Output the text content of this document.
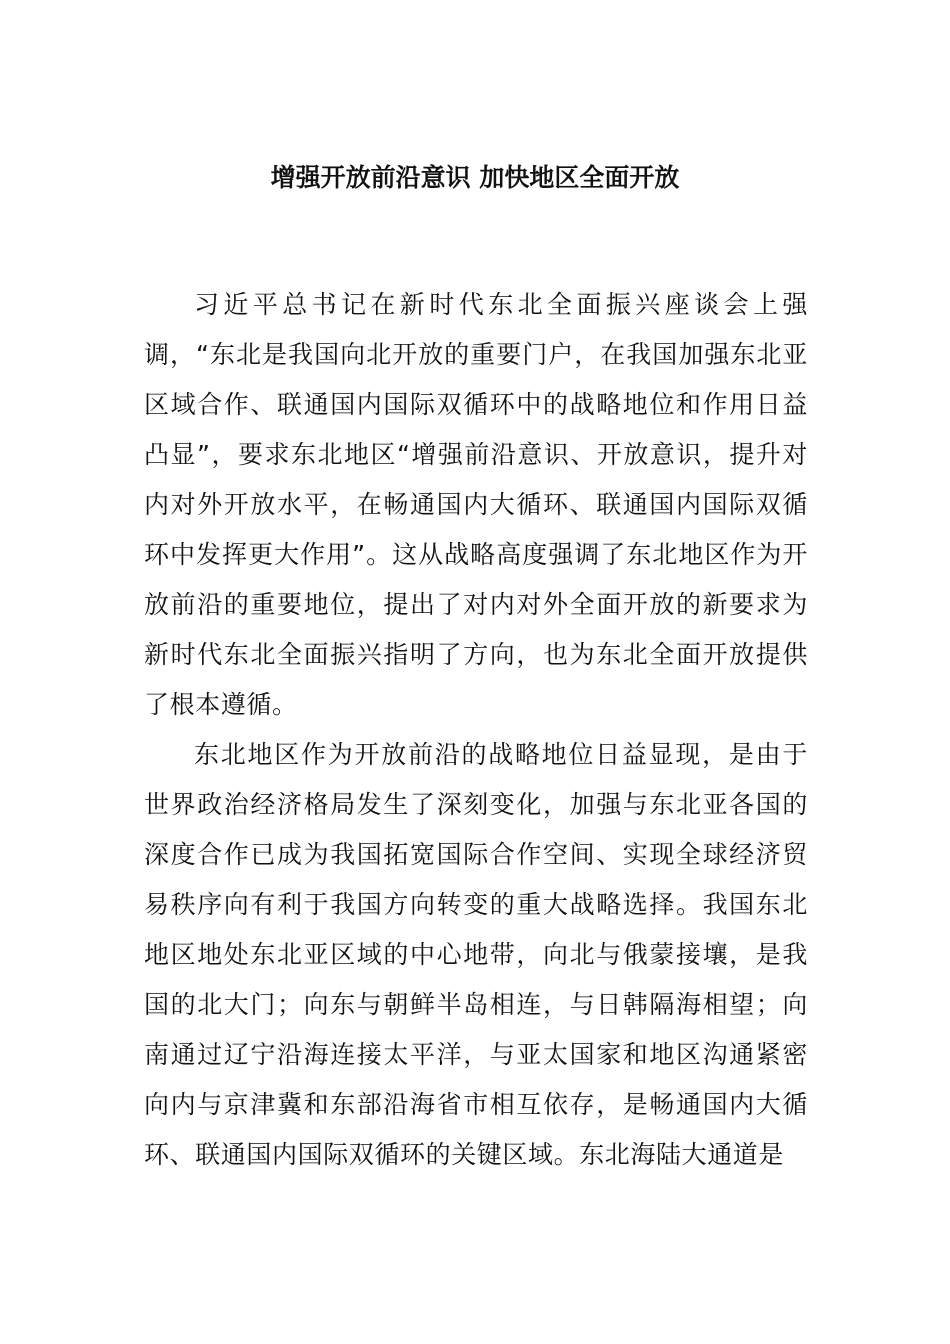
增强开放前沿意识 加快地区全面开放

习近平总书记在新时代东北全面振兴座谈会上强调，“东北是我国向北开放的重要门户，在我国加强东北亚区域合作、联通国内国际双循环中的战略地位和作用日益凸显”，要求东北地区“增强前沿意识、开放意识，提升对内对外开放水平，在畅通国内大循环、联通国内国际双循环中发挥更大作用”。这从战略高度强调了东北地区作为开放前沿的重要地位，提出了对内对外全面开放的新要求为新时代东北全面振兴指明了方向，也为东北全面开放提供了根本遵循。

东北地区作为开放前沿的战略地位日益显现，是由于世界政治经济格局发生了深刻变化，加强与东北亚各国的深度合作已成为我国拓宽国际合作空间、实现全球经济贸易秩序向有利于我国方向转变的重大战略选择。我国东北地区地处东北亚区域的中心地带，向北与俄蒙接壤，是我国的北大门；向东与朝鲜半岛相连，与日韩隔海相望；向南通过辽宁沿海连接太平洋，与亚太国家和地区沟通紧密向内与京津冀和东部沿海省市相互依存，是畅通国内大循环、联通国内国际双循环的关键区域。东北海陆大通道是
